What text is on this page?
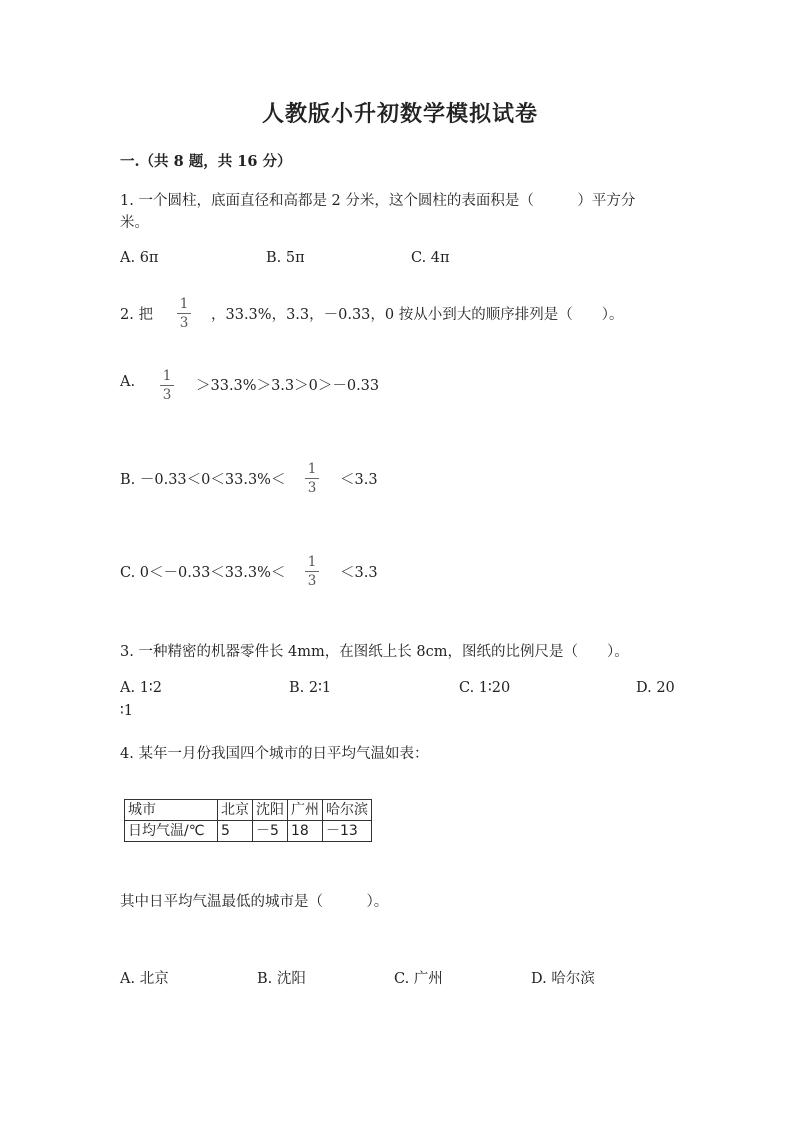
人教版小升初数学模拟试卷
一.（共 8 题，共 16 分）
1. 一个圆柱，底面直径和高都是 2 分米，这个圆柱的表面积是（　　　）平方分
米。
A. 6π	B. 5π	C. 4π
2. 把
1
3 ，33.3%，3.3，－0.33，0 按从小到大的顺序排列是（　　）。
A. 1
3
＞33.3%＞3.3＞0＞－0.33
B. －0.33＜0＜33.3%＜
1
3 ＜3.3
C. 0＜－0.33＜33.3%＜
1
3 ＜3.3
3. 一种精密的机器零件长 4mm，在图纸上长 8cm，图纸的比例尺是（　　）。
A. 1∶2	B. 2∶1	C. 1∶20	D. 20
∶1
4. 某年一月份我国四个城市的日平均气温如表：
城市	北京	沈阳	广州	哈尔滨
日均气温/℃	5	－5	18	－13
其中日平均气温最低的城市是（　　　）。
A. 北京	B. 沈阳	C. 广州	D. 哈尔滨
